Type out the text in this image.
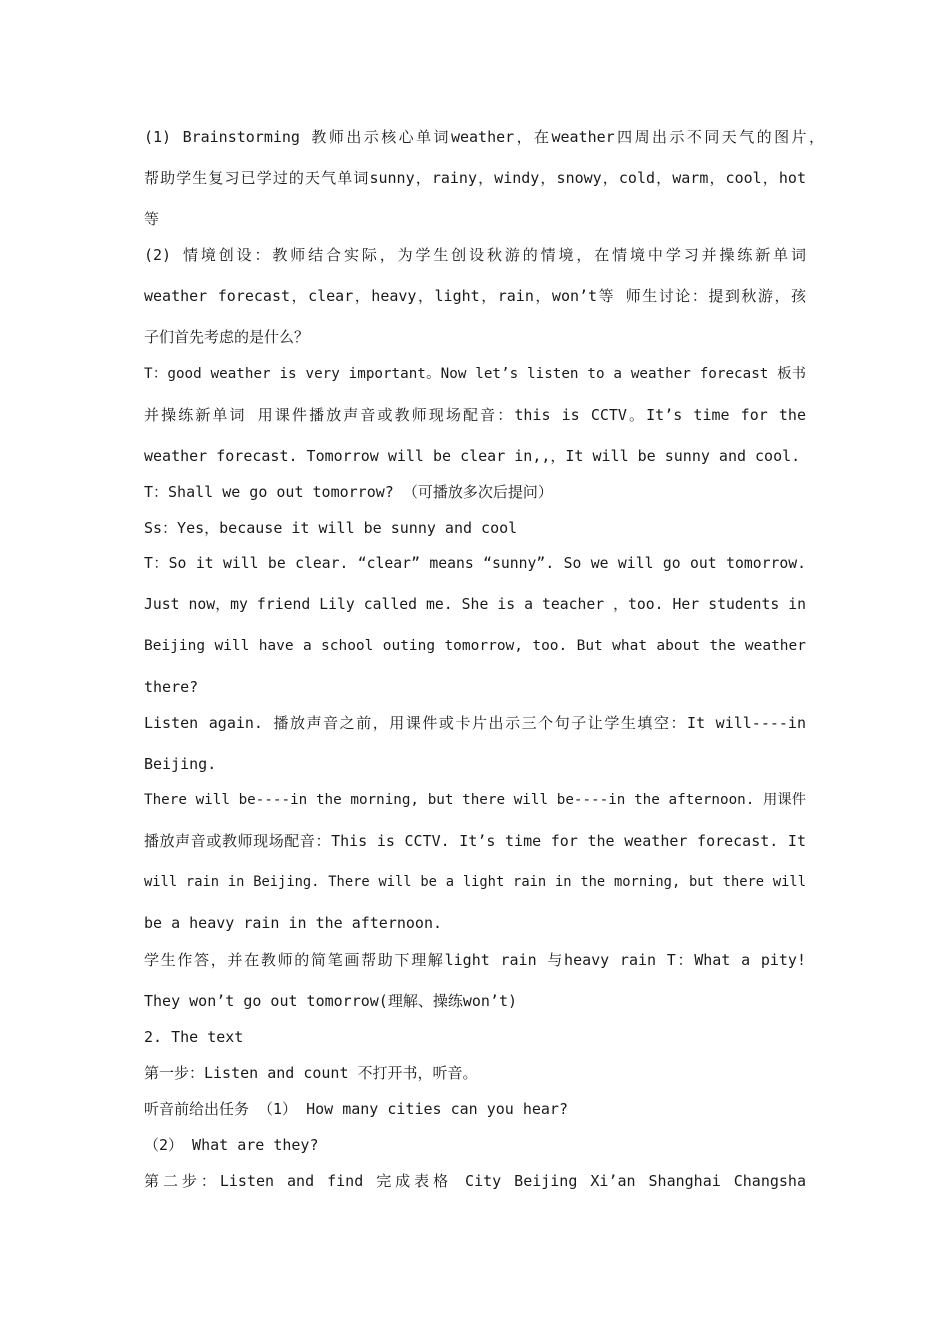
(1) Brainstorming 教师出示核心单词weather，在weather四周出示不同天气的图片，
帮助学生复习已学过的天气单词sunny，rainy，windy，snowy，cold，warm，cool，hot
等
(2) 情境创设：教师结合实际，为学生创设秋游的情境，在情境中学习并操练新单词
weather forecast，clear，heavy，light，rain，won’t等 师生讨论：提到秋游，孩
子们首先考虑的是什么？
T：good weather is very important。Now let’s listen to a weather forecast 板书
并操练新单词 用课件播放声音或教师现场配音：this is CCTV。It’s time for the
weather forecast. Tomorrow will be clear in,,，It will be sunny and cool.
T：Shall we go out tomorrow? （可播放多次后提问）
Ss：Yes，because it will be sunny and cool
T：So it will be clear. “clear” means “sunny”. So we will go out tomorrow.
Just now，my friend Lily called me. She is a teacher ，too. Her students in
Beijing will have a school outing tomorrow, too. But what about the weather
there?
Listen again. 播放声音之前，用课件或卡片出示三个句子让学生填空：It will----in
Beijing.
There will be----in the morning, but there will be----in the afternoon. 用课件
播放声音或教师现场配音：This is CCTV. It’s time for the weather forecast. It
will rain in Beijing. There will be a light rain in the morning, but there will
be a heavy rain in the afternoon.
学生作答，并在教师的简笔画帮助下理解light rain 与heavy rain T：What a pity!
They won’t go out tomorrow(理解、操练won’t)
2. The text
第一步：Listen and count 不打开书，听音。
听音前给出任务 （1） How many cities can you hear?
（2） What are they?
第二步：Listen and find 完成表格 City Beijing Xi’an Shanghai Changsha
